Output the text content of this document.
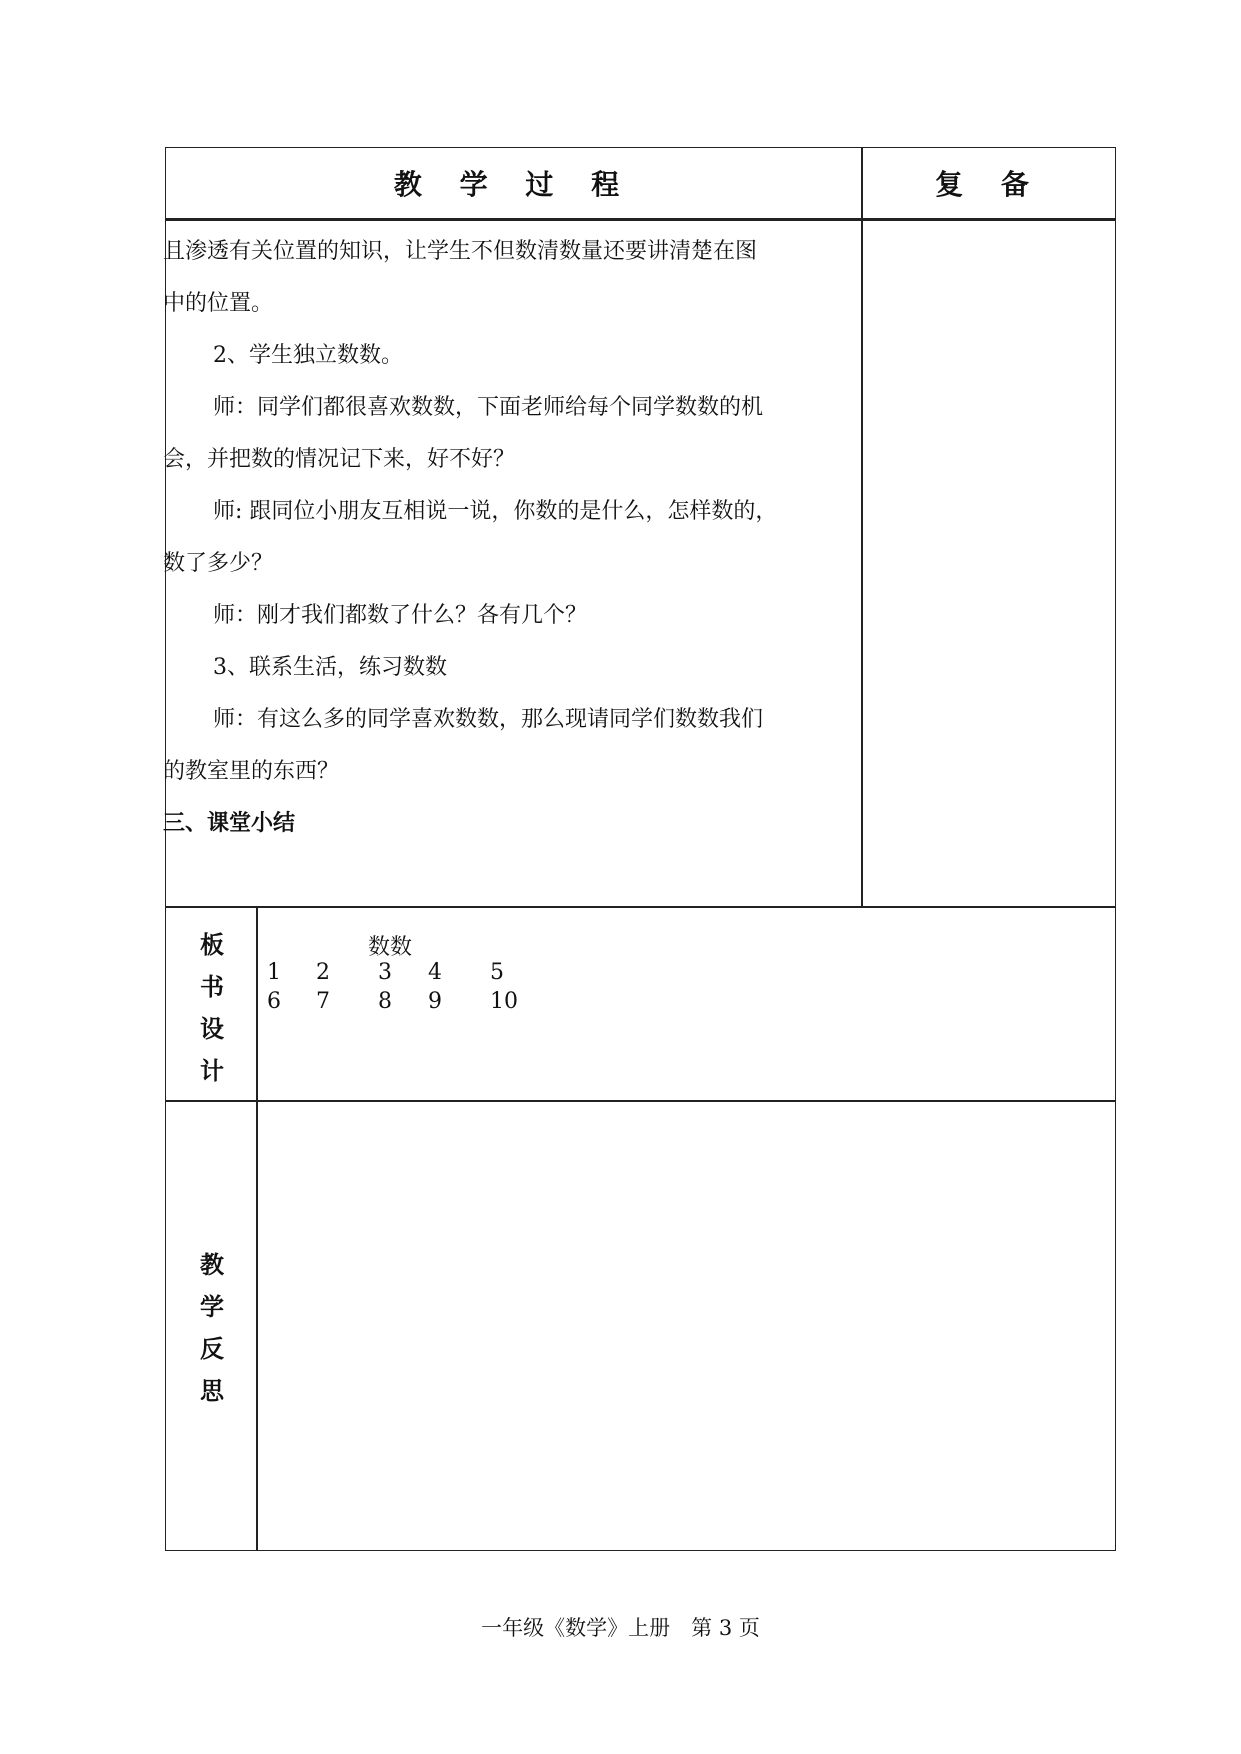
教 学 过 程	复 备
且渗透有关位置的知识，让学生不但数清数量还要讲清楚在图
中的位置。
2、学生独立数数。
师：同学们都很喜欢数数，下面老师给每个同学数数的机
会，并把数的情况记下来，好不好？
师: 跟同位小朋友互相说一说，你数的是什么，怎样数的，
数了多少？
师：刚才我们都数了什么？各有几个？
3、联系生活，练习数数
师：有这么多的同学喜欢数数，那么现请同学们数数我们
的教室里的东西？
三、课堂小结
板
书
设
计
数数
1 2 3 4 5
6 7 8 9 10
教
学
反
思
一年级《数学》上册　第 3 页
